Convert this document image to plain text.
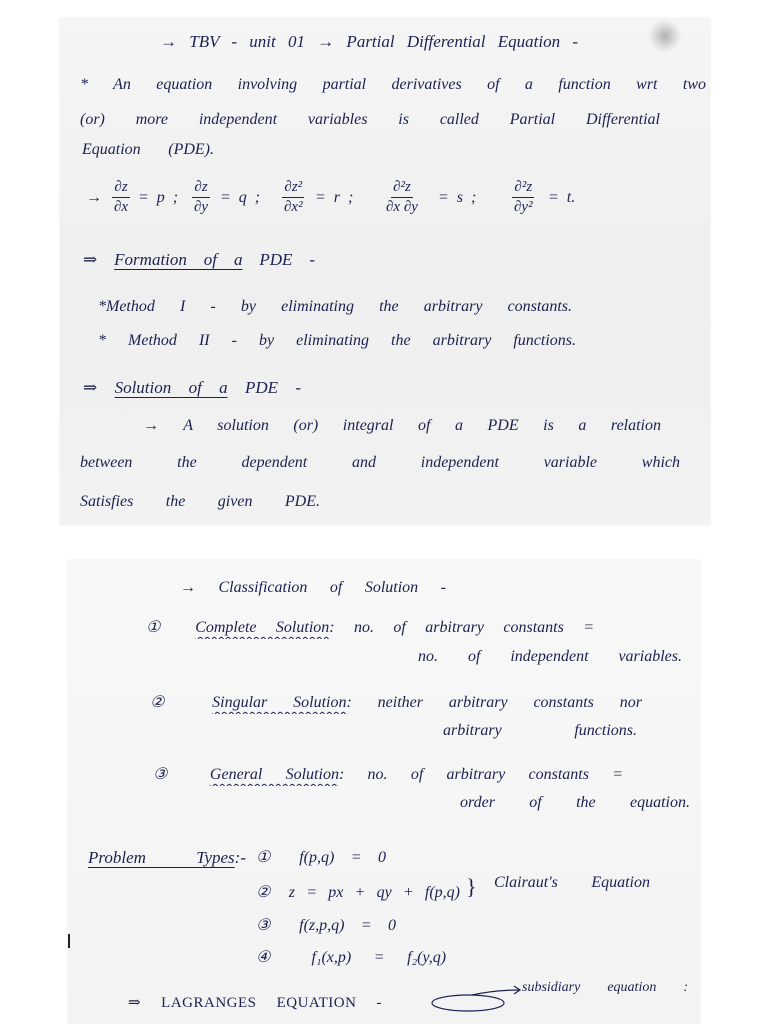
→ TBV - unit 01 → Partial Differential Equation -
* An equation involving partial derivatives of a function wrt two
(or) more independent variables is called Partial Differential
Equation (PDE).
→ $\frac{\partial z}{\partial x} = p$ ; $\frac{\partial z}{\partial y} = q$ ; $\frac{\text{∂z²}}{\text{∂x²}} = r$ ; $\frac{\text{∂²z}}{\partial x \partial y} = s$ ; $\frac{\text{∂²z}}{\text{∂y²}} = t$.
⇒ Formation of a PDE -
*Method I - by eliminating the arbitrary constants.
* Method II - by eliminating the arbitrary functions.
⇒ Solution of a PDE -
→ A solution (or) integral of a PDE is a relation
between the dependent and independent variable which
Satisfies the given PDE.
→ Classification of Solution -
① Complete Solution: no. of arbitrary constants =
no. of independent variables.
② Singular Solution: neither arbitrary constants nor
arbitrary functions.
③ General Solution: no. of arbitrary constants =
order of the equation.
Problem Types:- ① f(p,q) = 0
② z = px + qy + f(p,q) } Clairaut's Equation
③ f(z,p,q) = 0
④ f₁(x,p) = f₂(y,q)
⇒ LAGRANGES EQUATION -
subsidiary equation :
